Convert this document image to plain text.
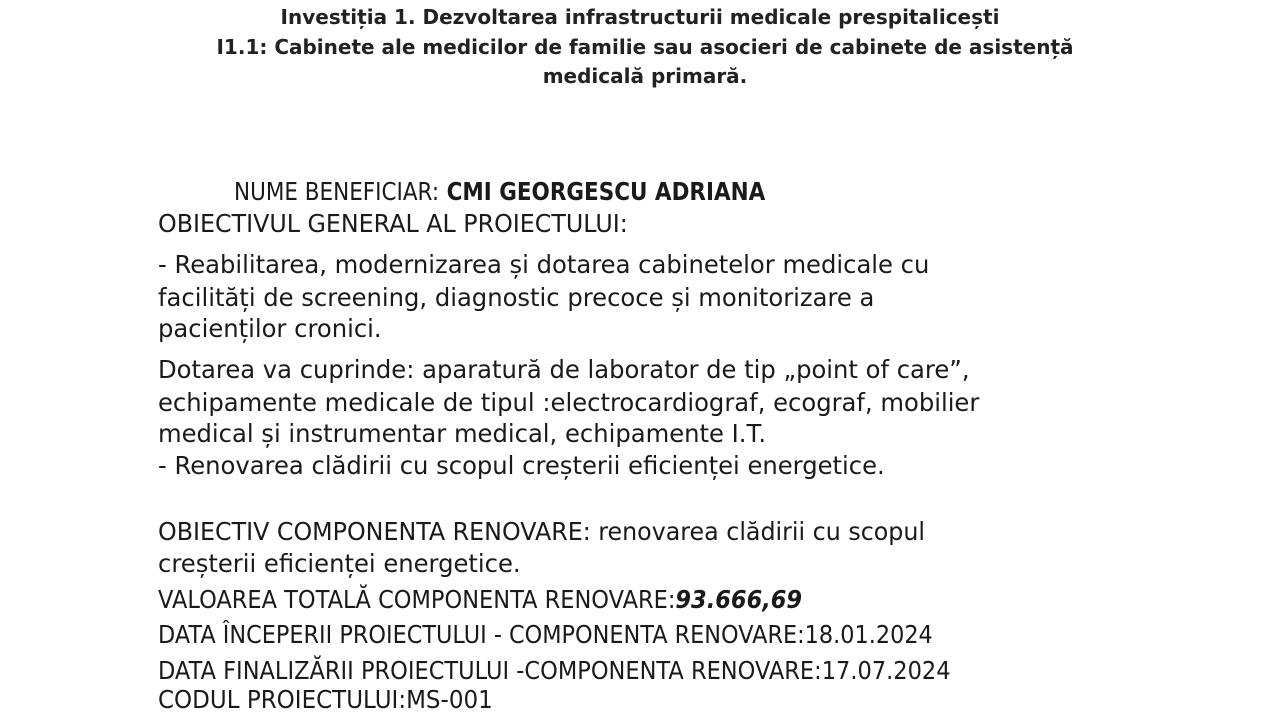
Investiția 1. Dezvoltarea infrastructurii medicale prespitalicești
I1.1: Cabinete ale medicilor de familie sau asocieri de cabinete de asistență
medicală primară.
NUME BENEFICIAR: CMI GEORGESCU ADRIANA
OBIECTIVUL GENERAL AL PROIECTULUI:
- Reabilitarea, modernizarea și dotarea cabinetelor medicale cu
facilități de screening, diagnostic precoce și monitorizare a
pacienților cronici.
Dotarea va cuprinde: aparatură de laborator de tip „point of care”,
echipamente medicale de tipul :electrocardiograf, ecograf, mobilier
medical și instrumentar medical, echipamente I.T.
- Renovarea clădirii cu scopul creșterii eficienței energetice.
OBIECTIV COMPONENTA RENOVARE: renovarea clădirii cu scopul
creșterii eficienței energetice.
VALOAREA TOTALĂ COMPONENTA RENOVARE:93.666,69
DATA ÎNCEPERII PROIECTULUI - COMPONENTA RENOVARE:18.01.2024
DATA FINALIZĂRII PROIECTULUI -COMPONENTA RENOVARE:17.07.2024
CODUL PROIECTULUI:MS-001
